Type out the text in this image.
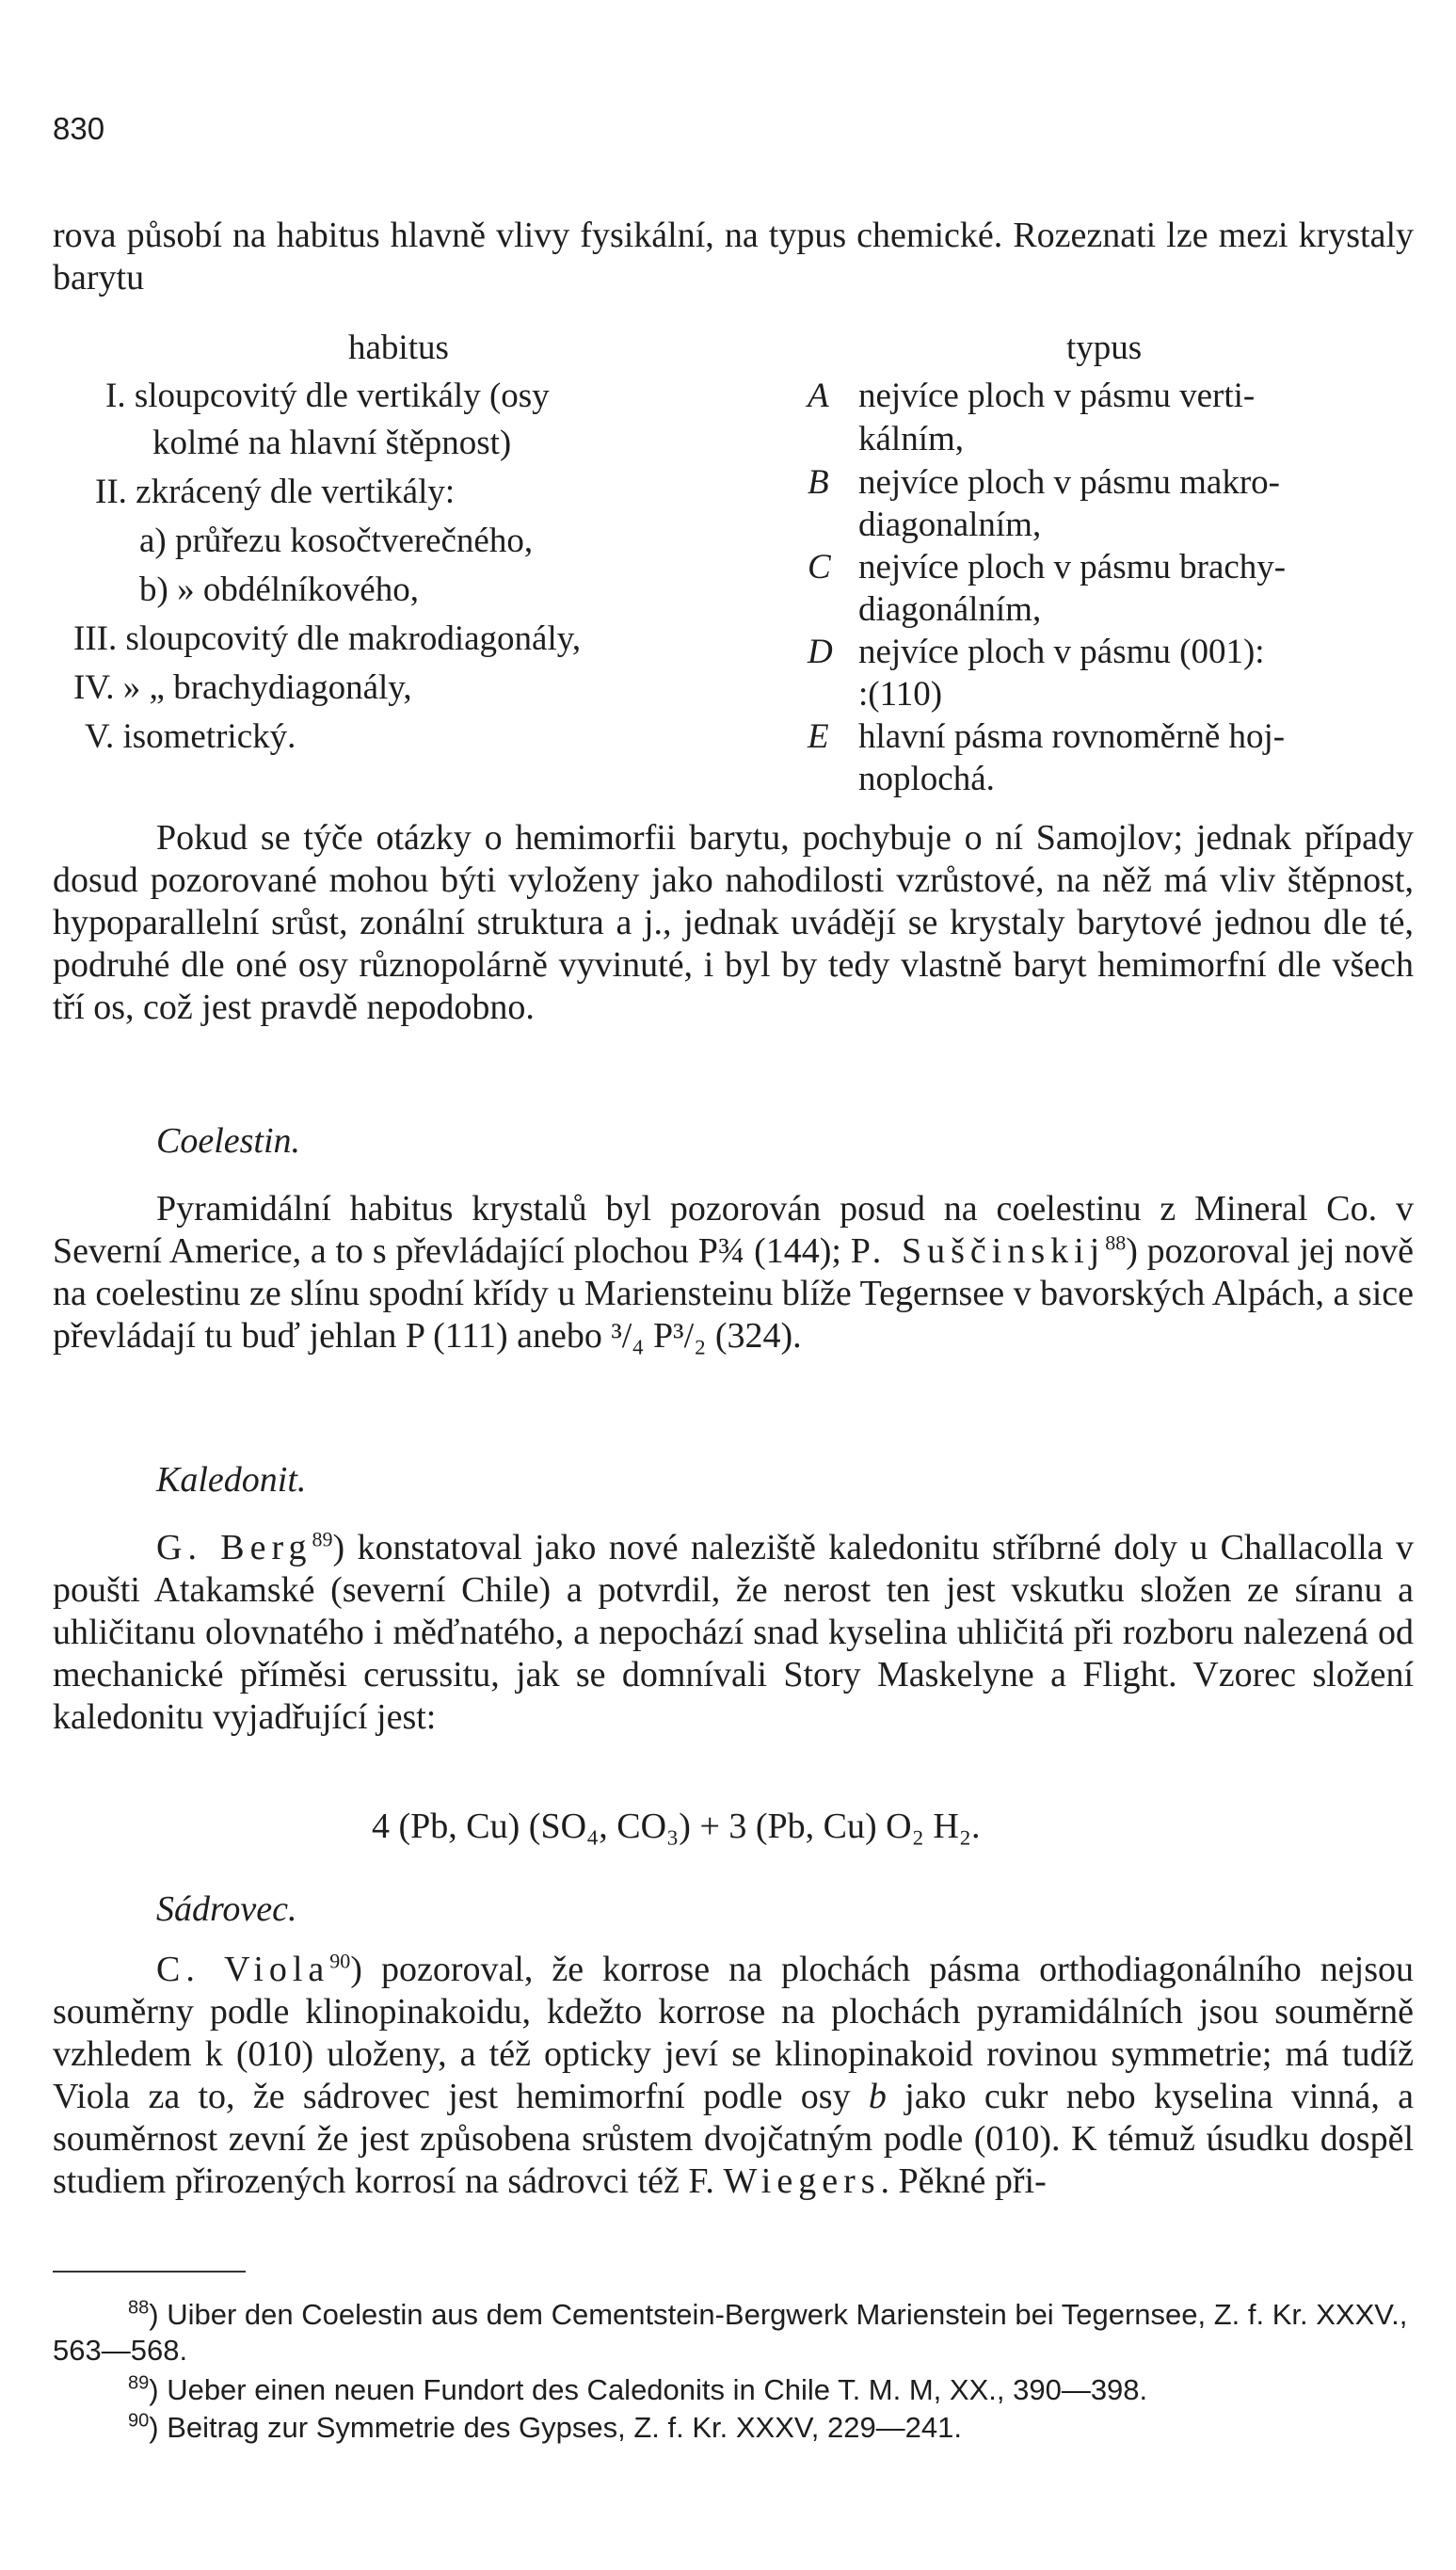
830

rova působí na habitus hlavně vlivy fysikální, na typus chemické. Rozeznati lze mezi krystaly barytu

habitus	typus
I. sloupcovitý dle vertikály (osy
kolmé na hlavní štěpnost)
II. zkrácený dle vertikály:
a) průřezu kosočtverečného,
b) » obdélníkového,
III. sloupcovitý dle makrodiagonály,
IV. » „ brachydiagonály,
V. isometrický.
A nejvíce ploch v pásmu verti-
kálním,
B nejvíce ploch v pásmu makro-
diagonalním,
C nejvíce ploch v pásmu brachy-
diagonálním,
D nejvíce ploch v pásmu (001):
:(110)
E hlavní pásma rovnoměrně hoj-
noplochá.

Pokud se týče otázky o hemimorfii barytu, pochybuje o ní Samojlov; jednak případy dosud pozorované mohou býti vyloženy jako nahodilosti vzrůstové, na něž má vliv štěpnost, hypoparallelní srůst, zonální struktura a j., jednak uvádějí se krystaly barytové jednou dle té, podruhé dle oné osy různopolárně vyvinuté, i byl by tedy vlastně baryt hemimorfní dle všech tří os, což jest pravdě nepodobno.

Coelestin.

Pyramidální habitus krystalů byl pozorován posud na coelestinu z Mineral Co. v Severní Americe, a to s převládající plochou P¾ (144); P. Suščinskij$^{88}$) pozoroval jej nově na coelestinu ze slínu spodní křídy u Mariensteinu blíže Tegernsee v bavorských Alpách, a sice převládají tu buď jehlan P (111) anebo ³/₄ P³/₂ (324).

Kaledonit.

G. Berg$^{89}$) konstatoval jako nové naleziště kaledonitu stříbrné doly u Challacolla v poušti Atakamské (severní Chile) a potvrdil, že nerost ten jest vskutku složen ze síranu a uhličitanu olovnatého i měďnatého, a nepochází snad kyselina uhličitá při rozboru nalezená od mechanické příměsi cerussitu, jak se domnívali Story Maskelyne a Flight. Vzorec složení kaledonitu vyjadřující jest:

4 (Pb, Cu) (SO₄, CO₃) + 3 (Pb, Cu) O₂ H₂.
Sádrovec.

C. Viola$^{90}$) pozoroval, že korrose na plochách pásma orthodiagonálního nejsou souměrny podle klinopinakoidu, kdežto korrose na plochách pyramidálních jsou souměrně vzhledem k (010) uloženy, a též opticky jeví se klinopinakoid rovinou symmetrie; má tudíž Viola za to, že sádrovec jest hemimorfní podle osy b jako cukr nebo kyselina vinná, a souměrnost zevní že jest způsobena srůstem dvojčatným podle (010). K témuž úsudku dospěl studiem přirozených korrosí na sádrovci též F. Wiegers. Pěkné při-

$^{88}$) Uiber den Coelestin aus dem Cementstein-Bergwerk Marienstein bei Tegernsee, Z. f. Kr. XXXV., 563—568.
$^{89}$) Ueber einen neuen Fundort des Caledonits in Chile T. M. M, XX., 390—398.
$^{90}$) Beitrag zur Symmetrie des Gypses, Z. f. Kr. XXXV, 229—241.
